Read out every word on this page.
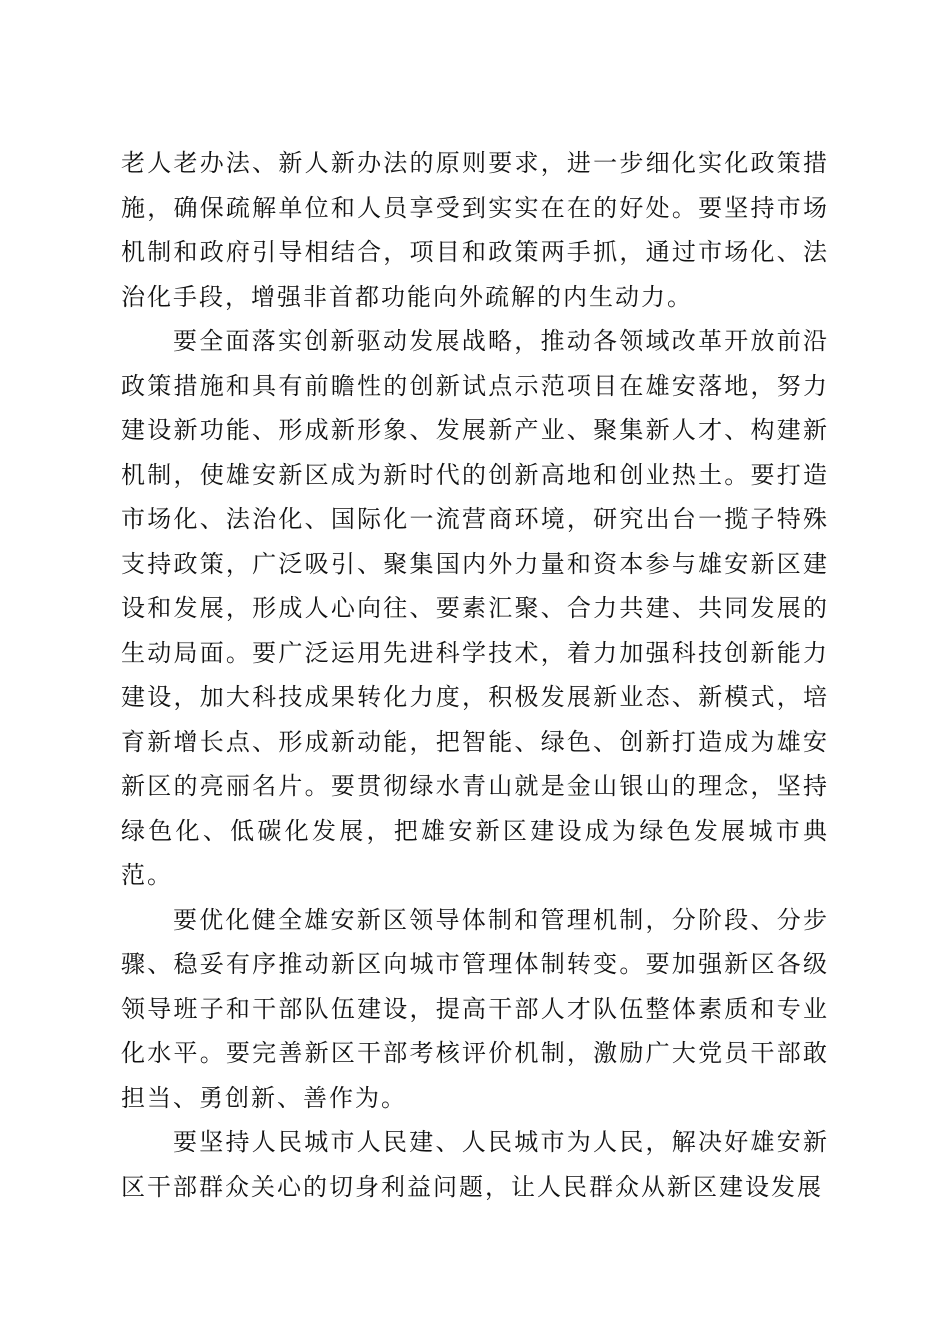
老人老办法、新人新办法的原则要求，进一步细化实化政策措施，确保疏解单位和人员享受到实实在在的好处。要坚持市场机制和政府引导相结合，项目和政策两手抓，通过市场化、法治化手段，增强非首都功能向外疏解的内生动力。

要全面落实创新驱动发展战略，推动各领域改革开放前沿政策措施和具有前瞻性的创新试点示范项目在雄安落地，努力建设新功能、形成新形象、发展新产业、聚集新人才、构建新机制，使雄安新区成为新时代的创新高地和创业热土。要打造市场化、法治化、国际化一流营商环境，研究出台一揽子特殊支持政策，广泛吸引、聚集国内外力量和资本参与雄安新区建设和发展，形成人心向往、要素汇聚、合力共建、共同发展的生动局面。要广泛运用先进科学技术，着力加强科技创新能力建设，加大科技成果转化力度，积极发展新业态、新模式，培育新增长点、形成新动能，把智能、绿色、创新打造成为雄安新区的亮丽名片。要贯彻绿水青山就是金山银山的理念，坚持绿色化、低碳化发展，把雄安新区建设成为绿色发展城市典范。

要优化健全雄安新区领导体制和管理机制，分阶段、分步骤、稳妥有序推动新区向城市管理体制转变。要加强新区各级领导班子和干部队伍建设，提高干部人才队伍整体素质和专业化水平。要完善新区干部考核评价机制，激励广大党员干部敢担当、勇创新、善作为。

要坚持人民城市人民建、人民城市为人民，解决好雄安新区干部群众关心的切身利益问题，让人民群众从新区建设发展
